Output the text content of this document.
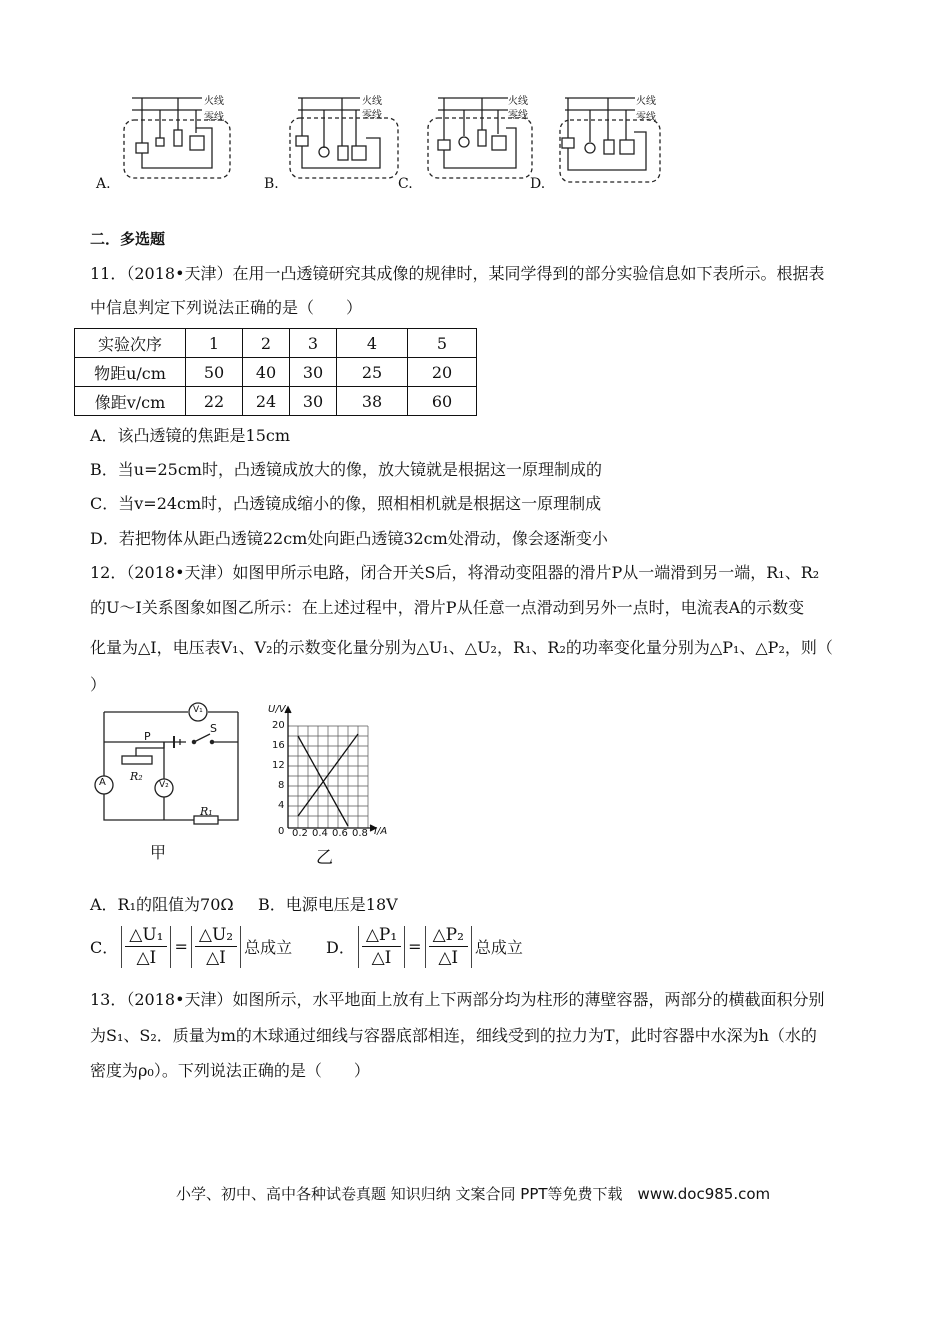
火线
零线
火线
零线
火线
零线
火线
零线
A.	B.	C.	D.
二．多选题
11．（2018•天津）在用一凸透镜研究其成像的规律时，某同学得到的部分实验信息如下表所示。根据表
中信息判定下列说法正确的是（　　）
实验次序	1	2	3	4	5
物距u/cm	50	40	30	25	20
像距v/cm	22	24	30	38	60
A．该凸透镜的焦距是15cm
B．当u=25cm时，凸透镜成放大的像，放大镜就是根据这一原理制成的
C．当v=24cm时，凸透镜成缩小的像，照相相机就是根据这一原理制成
D．若把物体从距凸透镜22cm处向距凸透镜32cm处滑动，像会逐渐变小
12．（2018•天津）如图甲所示电路，闭合开关S后，将滑动变阻器的滑片P从一端滑到另一端，R₁、R₂
的U～I关系图象如图乙所示：在上述过程中，滑片P从任意一点滑动到另外一点时，电流表A的示数变
化量为△I，电压表V₁、V₂的示数变化量分别为△U₁、△U₂，R₁、R₂的功率变化量分别为△P₁、△P₂，则（
）
V₁
A	V₂
P
R₂
R₁
S
甲
U/V
20
16
12
8
4
0 0.2 0.4 0.6 0.8 I/A
乙
A．R₁的阻值为70Ω B．电源电压是18V
C． $\frac{\text{△U₁}}{\triangle I} = \frac{\text{△U₂}}{\triangle I}$ 总成立 D． $\frac{\text{△P₁}}{\triangle I} = \frac{\text{△P₂}}{\triangle I}$ 总成立
13．（2018•天津）如图所示，水平地面上放有上下两部分均为柱形的薄壁容器，两部分的横截面积分别
为S₁、S₂．质量为m的木球通过细线与容器底部相连，细线受到的拉力为T，此时容器中水深为h（水的
密度为ρ₀）。下列说法正确的是（　　）
小学、初中、高中各种试卷真题 知识归纳 文案合同 PPT等免费下载　www.doc985.com
